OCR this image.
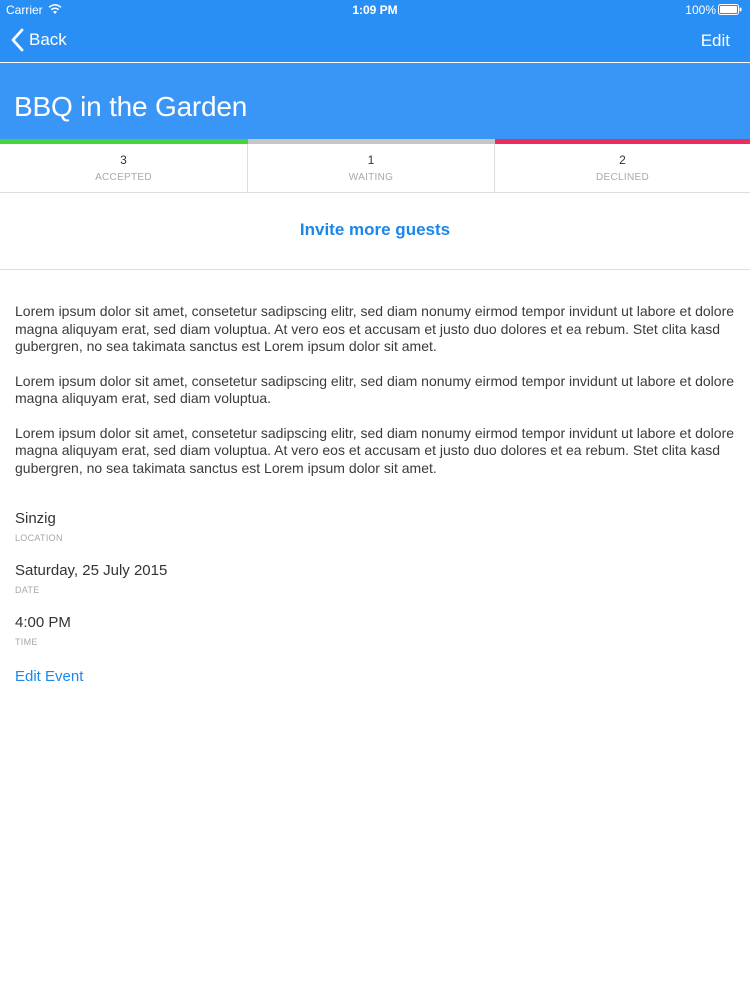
Carrier	1:09 PM	100%
Back	Edit
BBQ in the Garden
3
ACCEPTED
1
WAITING
2
DECLINED
Invite more guests

Lorem ipsum dolor sit amet, consetetur sadipscing elitr, sed diam nonumy eirmod tempor invidunt ut labore et dolore magna aliquyam erat, sed diam voluptua. At vero eos et accusam et justo duo dolores et ea rebum. Stet clita kasd gubergren, no sea takimata sanctus est Lorem ipsum dolor sit amet.

Lorem ipsum dolor sit amet, consetetur sadipscing elitr, sed diam nonumy eirmod tempor invidunt ut labore et dolore magna aliquyam erat, sed diam voluptua.

Lorem ipsum dolor sit amet, consetetur sadipscing elitr, sed diam nonumy eirmod tempor invidunt ut labore et dolore magna aliquyam erat, sed diam voluptua. At vero eos et accusam et justo duo dolores et ea rebum. Stet clita kasd gubergren, no sea takimata sanctus est Lorem ipsum dolor sit amet.

Sinzig
LOCATION
Saturday, 25 July 2015
DATE
4:00 PM
TIME
Edit Event
